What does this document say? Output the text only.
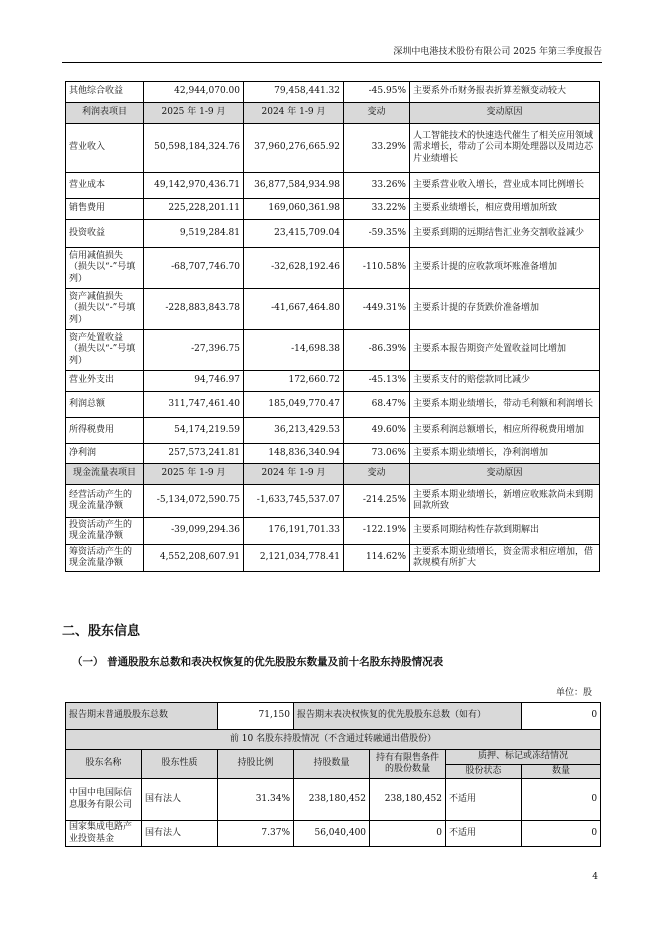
深圳中电港技术股份有限公司 2025 年第三季度报告
其他综合收益	42,944,070.00	79,458,441.32	-45.95%	主要系外币财务报表折算差额变动较大
利润表项目	2025 年 1-9 月	2024 年 1-9 月	变动	变动原因
营业收入	50,598,184,324.76	37,960,276,665.92	33.29%	人工智能技术的快速迭代催生了相关应用领域需求增长，带动了公司本期处理器以及周边芯片业绩增长
营业成本	49,142,970,436.71	36,877,584,934.98	33.26%	主要系营业收入增长，营业成本同比例增长
销售费用	225,228,201.11	169,060,361.98	33.22%	主要系业绩增长，相应费用增加所致
投资收益	9,519,284.81	23,415,709.04	-59.35%	主要系到期的远期结售汇业务交割收益减少
信用减值损失（损失以“-”号填列）	-68,707,746.70	-32,628,192.46	-110.58%	主要系计提的应收款项坏账准备增加
资产减值损失（损失以“-”号填列）	-228,883,843.78	-41,667,464.80	-449.31%	主要系计提的存货跌价准备增加
资产处置收益（损失以“-”号填列）	-27,396.75	-14,698.38	-86.39%	主要系本报告期资产处置收益同比增加
营业外支出	94,746.97	172,660.72	-45.13%	主要系支付的赔偿款同比减少
利润总额	311,747,461.40	185,049,770.47	68.47%	主要系本期业绩增长，带动毛利额和利润增长
所得税费用	54,174,219.59	36,213,429.53	49.60%	主要系利润总额增长，相应所得税费用增加
净利润	257,573,241.81	148,836,340.94	73.06%	主要系本期业绩增长，净利润增加
现金流量表项目	2025 年 1-9 月	2024 年 1-9 月	变动	变动原因
经营活动产生的现金流量净额	-5,134,072,590.75	-1,633,745,537.07	-214.25%	主要系本期业绩增长，新增应收账款尚未到期回款所致
投资活动产生的现金流量净额	-39,099,294.36	176,191,701.33	-122.19%	主要系同期结构性存款到期解出
筹资活动产生的现金流量净额	4,552,208,607.91	2,121,034,778.41	114.62%	主要系本期业绩增长，资金需求相应增加，借款规模有所扩大
二、股东信息
（一） 普通股股东总数和表决权恢复的优先股股东数量及前十名股东持股情况表
单位：股
报告期末普通股股东总数		71,150	报告期末表决权恢复的优先股股东总数（如有）			0
前 10 名股东持股情况（不含通过转融通出借股份）						
股东名称	股东性质	持股比例	持股数量	持有有限售条件的股份数量	质押、标记或冻结情况	
					股份状态	数量
中国中电国际信息服务有限公司	国有法人	31.34%	238,180,452	238,180,452	不适用	0
国家集成电路产业投资基金	国有法人	7.37%	56,040,400	0	不适用	0
4
